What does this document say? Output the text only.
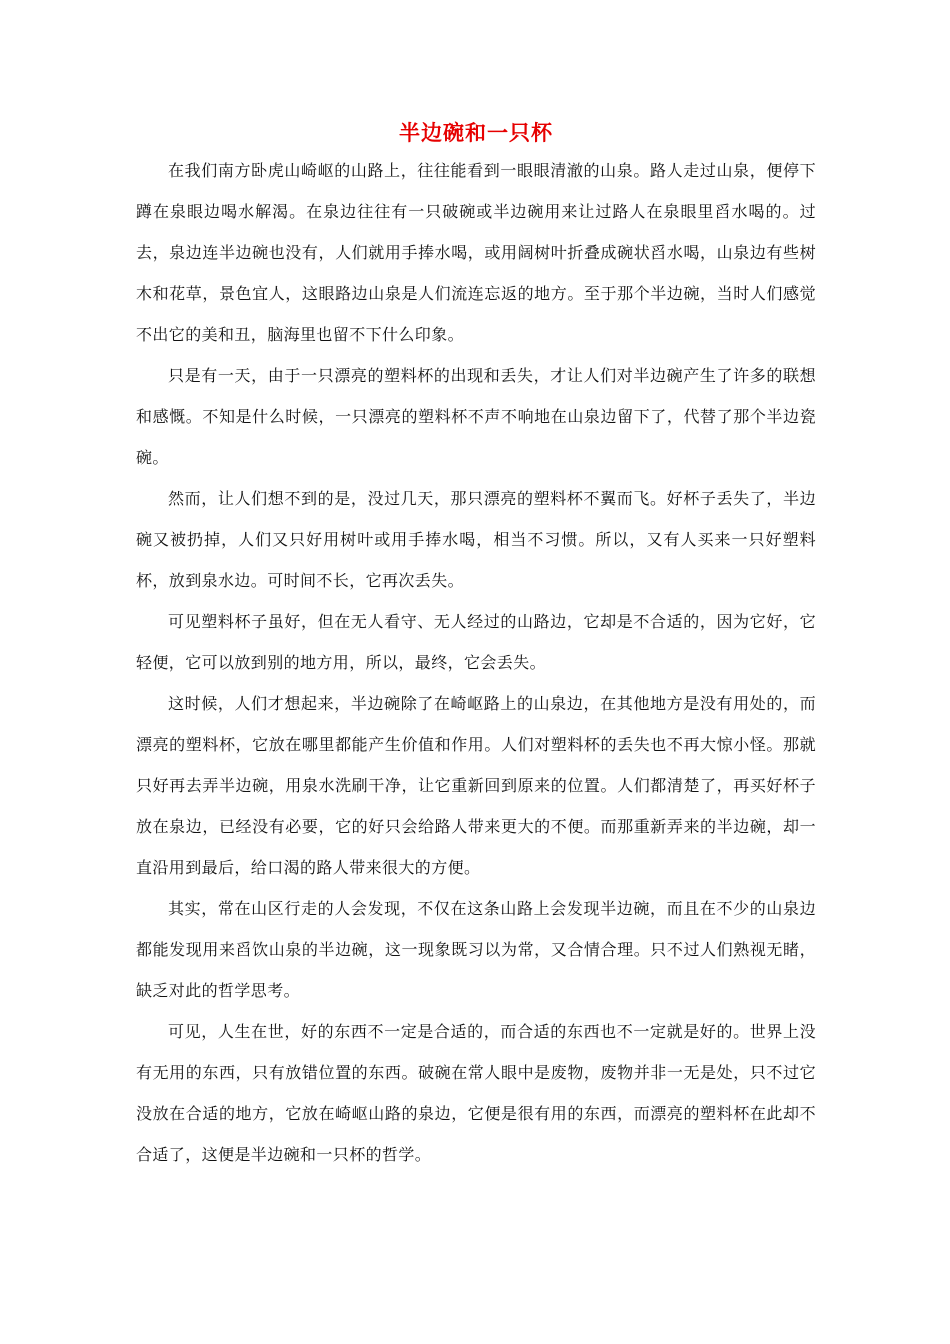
半边碗和一只杯

在我们南方卧虎山崎岖的山路上，往往能看到一眼眼清澈的山泉。路人走过山泉，便停下蹲在泉眼边喝水解渴。在泉边往往有一只破碗或半边碗用来让过路人在泉眼里舀水喝的。过去，泉边连半边碗也没有，人们就用手捧水喝，或用阔树叶折叠成碗状舀水喝，山泉边有些树木和花草，景色宜人，这眼路边山泉是人们流连忘返的地方。至于那个半边碗，当时人们感觉不出它的美和丑，脑海里也留不下什么印象。

只是有一天，由于一只漂亮的塑料杯的出现和丢失，才让人们对半边碗产生了许多的联想和感慨。不知是什么时候，一只漂亮的塑料杯不声不响地在山泉边留下了，代替了那个半边瓷碗。

然而，让人们想不到的是，没过几天，那只漂亮的塑料杯不翼而飞。好杯子丢失了，半边碗又被扔掉，人们又只好用树叶或用手捧水喝，相当不习惯。所以，又有人买来一只好塑料杯，放到泉水边。可时间不长，它再次丢失。

可见塑料杯子虽好，但在无人看守、无人经过的山路边，它却是不合适的，因为它好，它轻便，它可以放到别的地方用，所以，最终，它会丢失。

这时候，人们才想起来，半边碗除了在崎岖路上的山泉边，在其他地方是没有用处的，而漂亮的塑料杯，它放在哪里都能产生价值和作用。人们对塑料杯的丢失也不再大惊小怪。那就只好再去弄半边碗，用泉水洗刷干净，让它重新回到原来的位置。人们都清楚了，再买好杯子放在泉边，已经没有必要，它的好只会给路人带来更大的不便。而那重新弄来的半边碗，却一直沿用到最后，给口渴的路人带来很大的方便。

其实，常在山区行走的人会发现，不仅在这条山路上会发现半边碗，而且在不少的山泉边都能发现用来舀饮山泉的半边碗，这一现象既习以为常，又合情合理。只不过人们熟视无睹，缺乏对此的哲学思考。

可见，人生在世，好的东西不一定是合适的，而合适的东西也不一定就是好的。世界上没有无用的东西，只有放错位置的东西。破碗在常人眼中是废物，废物并非一无是处，只不过它没放在合适的地方，它放在崎岖山路的泉边，它便是很有用的东西，而漂亮的塑料杯在此却不合适了，这便是半边碗和一只杯的哲学。
